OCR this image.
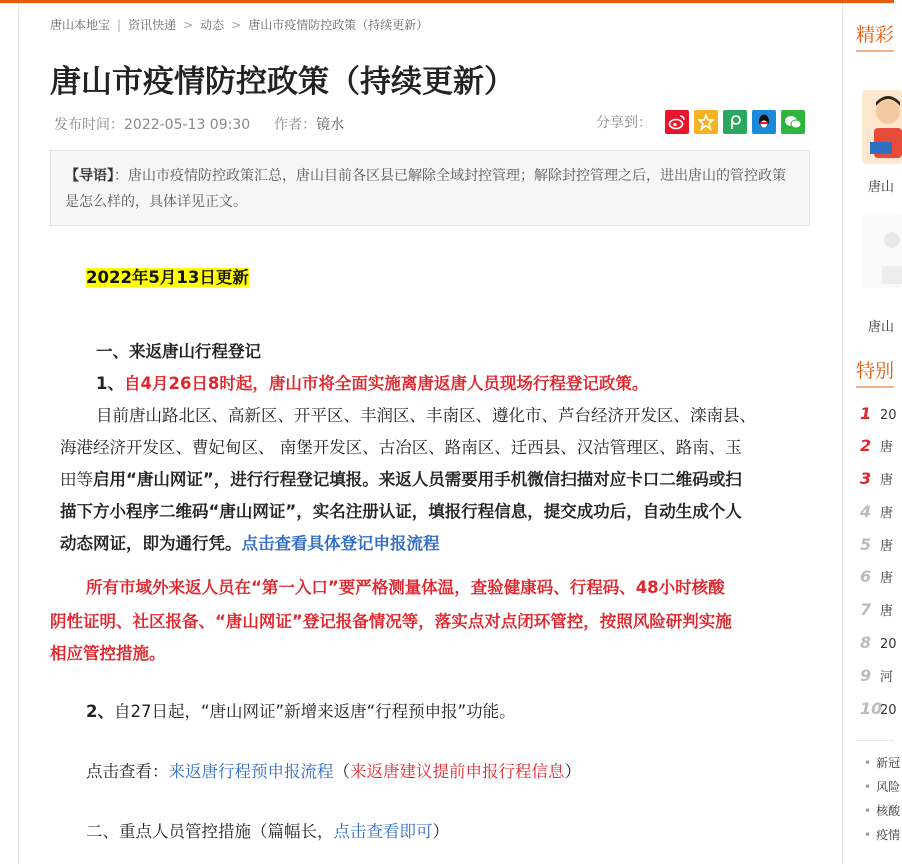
唐山本地宝 | 资讯快递 > 动态 > 唐山市疫情防控政策（持续更新）
唐山市疫情防控政策（持续更新）
发布时间：2022-05-13 09:30 作者：镜水	分享到：
【导语】：唐山市疫情防控政策汇总，唐山目前各区县已解除全域封控管理；解除封控管理之后，进出唐山的管控政策是怎么样的，具体详见正文。
2022年5月13日更新
一、来返唐山行程登记
1、自4月26日8时起，唐山市将全面实施离唐返唐人员现场行程登记政策。
目前唐山路北区、高新区、开平区、丰润区、丰南区、遵化市、芦台经济开发区、滦南县、
海港经济开发区、曹妃甸区、 南堡开发区、古冶区、路南区、迁西县、汉沽管理区、路南、玉
田等启用“唐山网证”，进行行程登记填报。来返人员需要用手机微信扫描对应卡口二维码或扫
描下方小程序二维码“唐山网证”，实名注册认证，填报行程信息，提交成功后，自动生成个人
动态网证，即为通行凭。点击查看具体登记申报流程
所有市域外来返人员在“第一入口”要严格测量体温，查验健康码、行程码、48小时核酸
阴性证明、社区报备、“唐山网证”登记报备情况等，落实点对点闭环管控，按照风险研判实施
相应管控措施。
2、自27日起，“唐山网证”新增来返唐“行程预申报”功能。
点击查看：来返唐行程预申报流程（来返唐建议提前申报行程信息）
二、重点人员管控措施（篇幅长，点击查看即可）
精彩
唐山
唐山
特别
1 20
2 唐
3 唐
4 唐
5 唐
6 唐
7 唐
8 20
9 河
1020
• 新冠
• 风险
• 核酸
• 疫情
